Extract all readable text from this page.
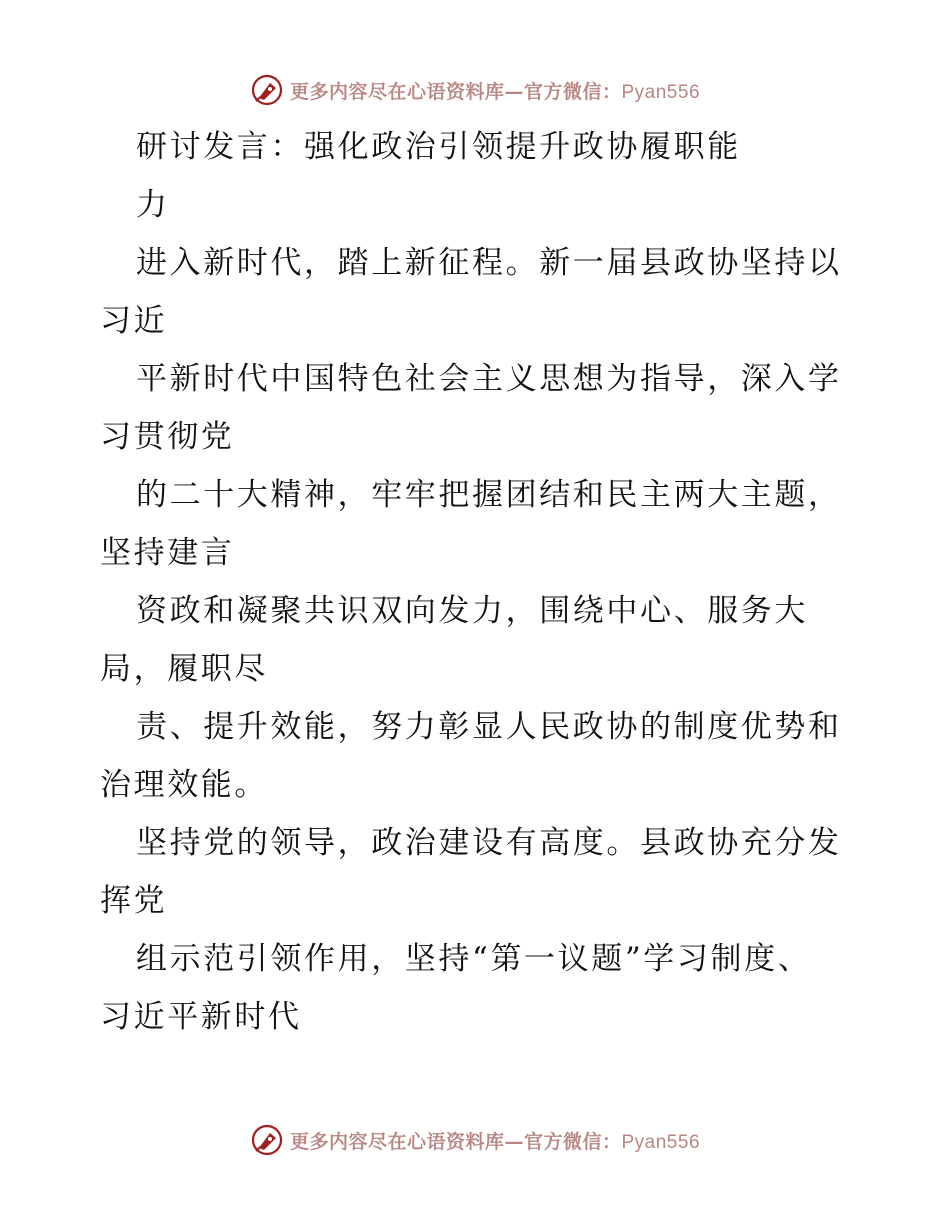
更多内容尽在心语资料库—官方微信：Pyan556
研讨发言：强化政治引领提升政协履职能
力
进入新时代，踏上新征程。新一届县政协坚持以
习近
平新时代中国特色社会主义思想为指导，深入学
习贯彻党
的二十大精神，牢牢把握团结和民主两大主题，
坚持建言
资政和凝聚共识双向发力，围绕中心、服务大
局，履职尽
责、提升效能，努力彰显人民政协的制度优势和
治理效能。
坚持党的领导，政治建设有高度。县政协充分发
挥党
组示范引领作用，坚持“第一议题”学习制度、
习近平新时代
更多内容尽在心语资料库—官方微信：Pyan556
